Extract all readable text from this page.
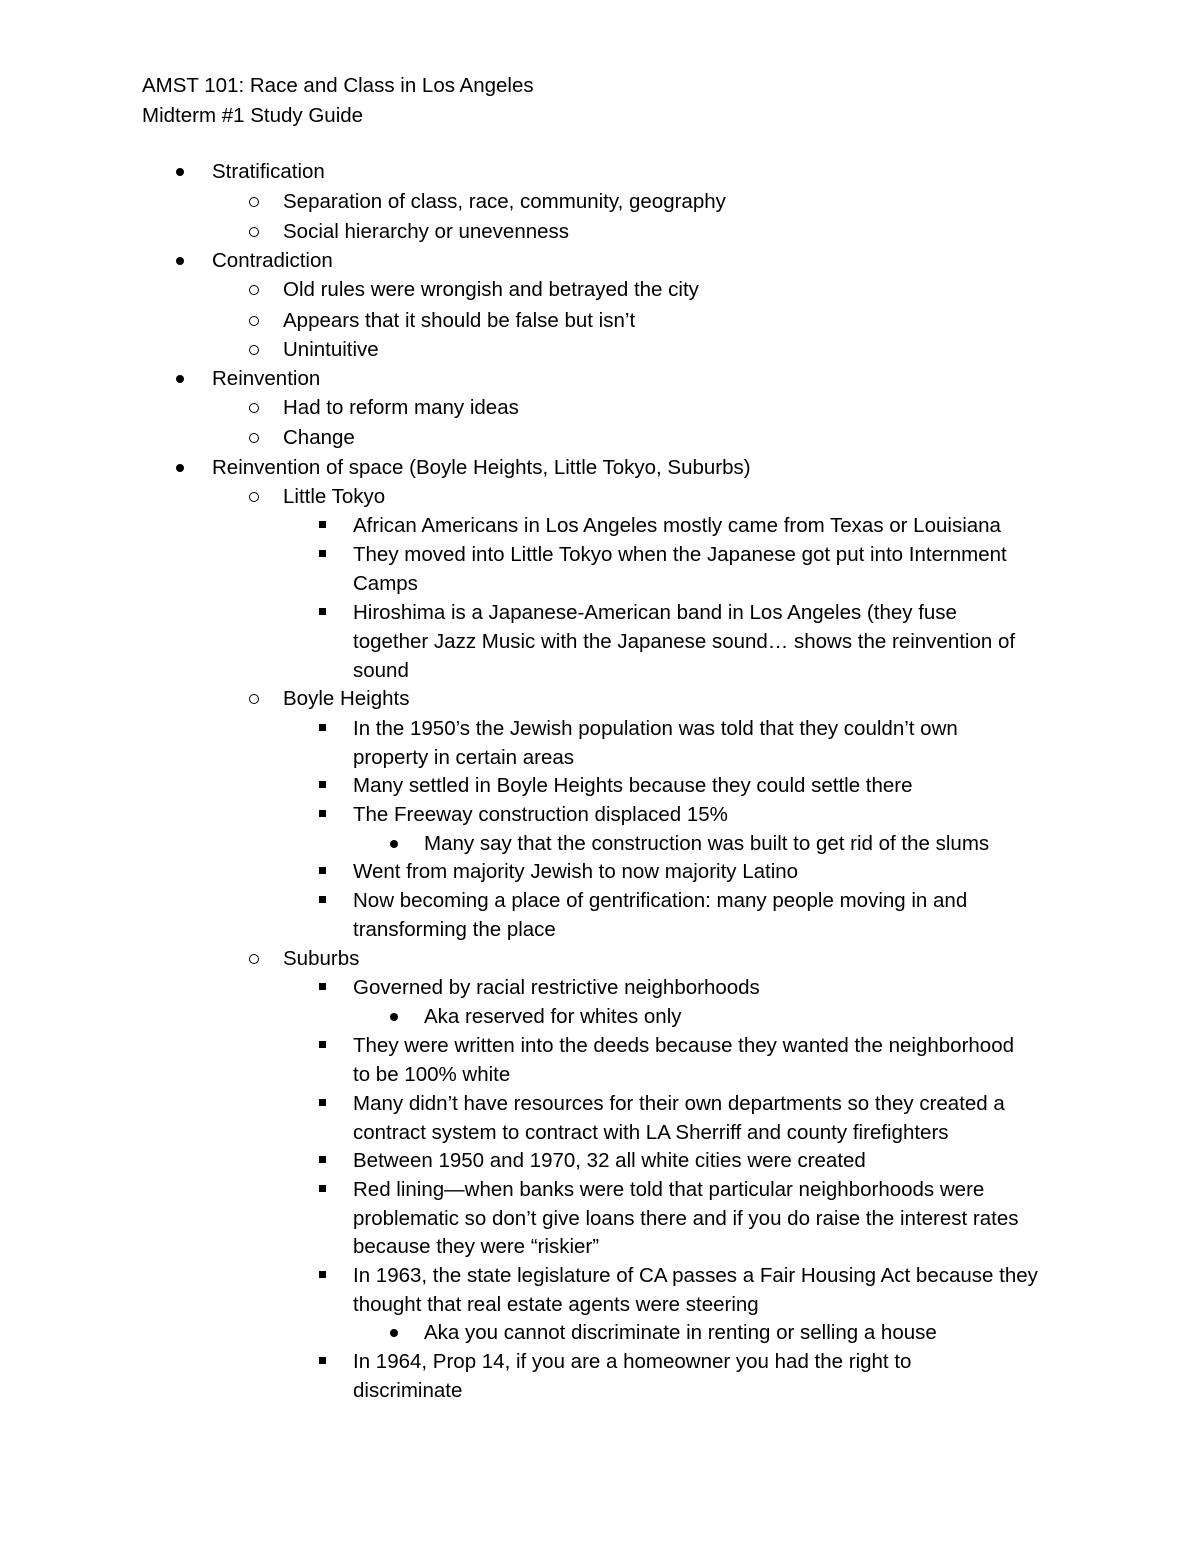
AMST 101: Race and Class in Los Angeles
Midterm #1 Study Guide
Stratification
Separation of class, race, community, geography
Social hierarchy or unevenness
Contradiction
Old rules were wrongish and betrayed the city
Appears that it should be false but isn’t
Unintuitive
Reinvention
Had to reform many ideas
Change
Reinvention of space (Boyle Heights, Little Tokyo, Suburbs)
Little Tokyo
African Americans in Los Angeles mostly came from Texas or Louisiana
They moved into Little Tokyo when the Japanese got put into Internment
Camps
Hiroshima is a Japanese-American band in Los Angeles (they fuse
together Jazz Music with the Japanese sound… shows the reinvention of
sound
Boyle Heights
In the 1950’s the Jewish population was told that they couldn’t own
property in certain areas
Many settled in Boyle Heights because they could settle there
The Freeway construction displaced 15%
Many say that the construction was built to get rid of the slums
Went from majority Jewish to now majority Latino
Now becoming a place of gentrification: many people moving in and
transforming the place
Suburbs
Governed by racial restrictive neighborhoods
Aka reserved for whites only
They were written into the deeds because they wanted the neighborhood
to be 100% white
Many didn’t have resources for their own departments so they created a
contract system to contract with LA Sherriff and county firefighters
Between 1950 and 1970, 32 all white cities were created
Red lining—when banks were told that particular neighborhoods were
problematic so don’t give loans there and if you do raise the interest rates
because they were “riskier”
In 1963, the state legislature of CA passes a Fair Housing Act because they
thought that real estate agents were steering
Aka you cannot discriminate in renting or selling a house
In 1964, Prop 14, if you are a homeowner you had the right to
discriminate
